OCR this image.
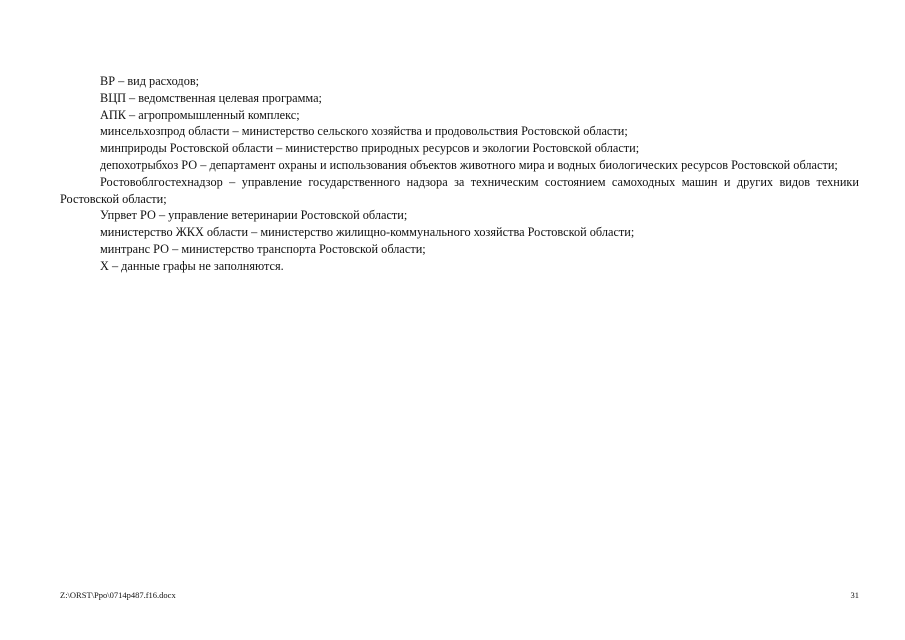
ВР – вид расходов;

ВЦП – ведомственная целевая программа;

АПК – агропромышленный комплекс;

минсельхозпрод области – министерство сельского хозяйства и продовольствия Ростовской области;

минприроды Ростовской области – министерство природных ресурсов и экологии Ростовской области;

депохотрыбхоз РО – департамент охраны и использования объектов животного мира и водных биологических ресурсов Ростовской области;

Ростовоблгостехнадзор – управление государственного надзора за техническим состоянием самоходных машин и других видов техники Ростовской области;

Упрвет РО – управление ветеринарии Ростовской области;

министерство ЖКХ области – министерство жилищно-коммунального хозяйства Ростовской области;

минтранс РО – министерство транспорта Ростовской области;

Х – данные графы не заполняются.

Z:\ORST\Ppo\0714p487.f16.docx	31
